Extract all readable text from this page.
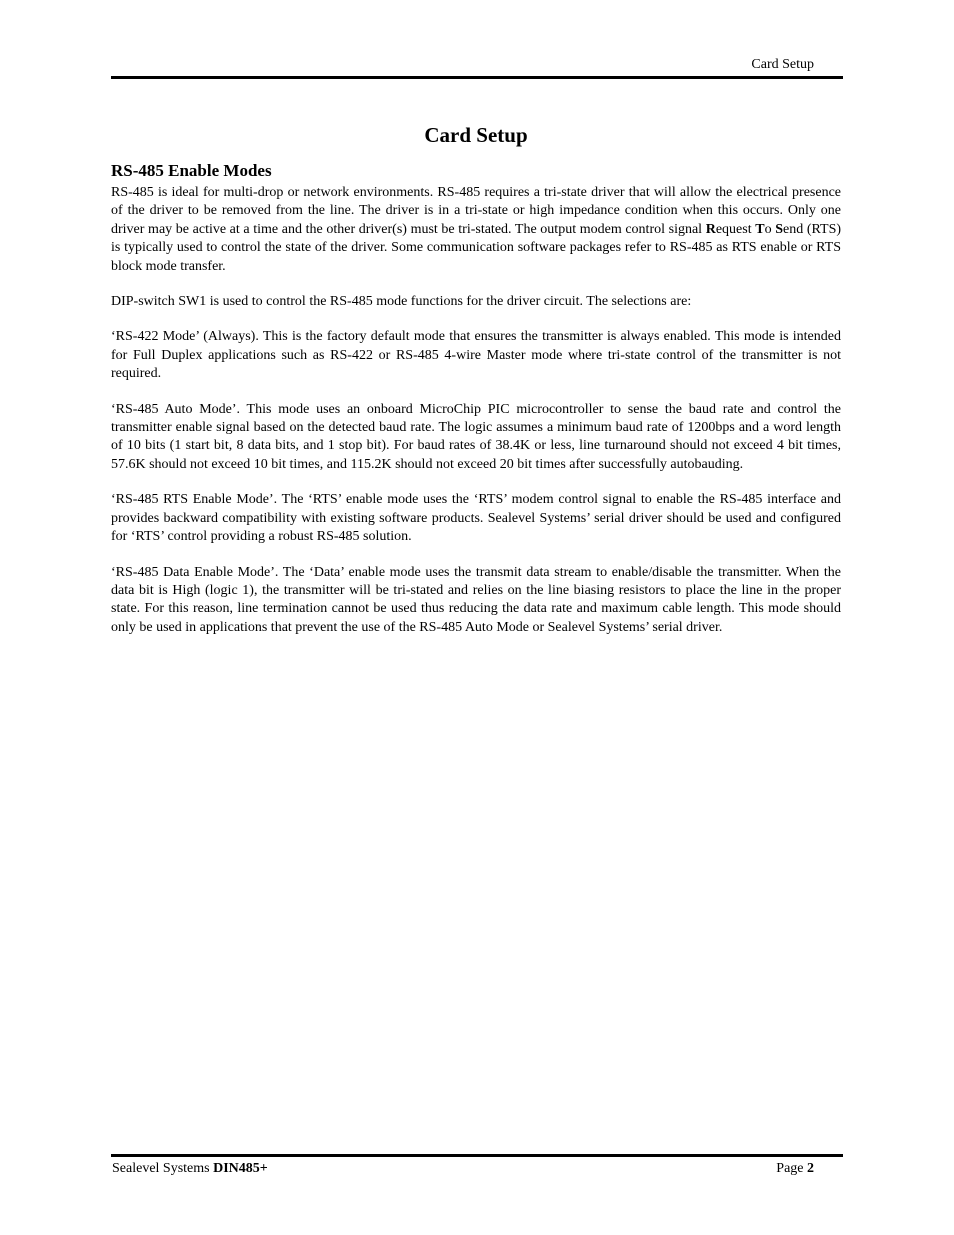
Card Setup
Card Setup
RS-485 Enable Modes

RS-485 is ideal for multi-drop or network environments. RS-485 requires a tri-state driver that will allow the electrical presence of the driver to be removed from the line. The driver is in a tri-state or high impedance condition when this occurs. Only one driver may be active at a time and the other driver(s) must be tri-stated. The output modem control signal Request To Send (RTS) is typically used to control the state of the driver. Some communication software packages refer to RS-485 as RTS enable or RTS block mode transfer.

DIP-switch SW1 is used to control the RS-485 mode functions for the driver circuit. The selections are:

‘RS-422 Mode’ (Always). This is the factory default mode that ensures the transmitter is always enabled. This mode is intended for Full Duplex applications such as RS-422 or RS-485 4-wire Master mode where tri-state control of the transmitter is not required.

‘RS-485 Auto Mode’. This mode uses an onboard MicroChip PIC microcontroller to sense the baud rate and control the transmitter enable signal based on the detected baud rate. The logic assumes a minimum baud rate of 1200bps and a word length of 10 bits (1 start bit, 8 data bits, and 1 stop bit). For baud rates of 38.4K or less, line turnaround should not exceed 4 bit times, 57.6K should not exceed 10 bit times, and 115.2K should not exceed 20 bit times after successfully autobauding.

‘RS-485 RTS Enable Mode’. The ‘RTS’ enable mode uses the ‘RTS’ modem control signal to enable the RS-485 interface and provides backward compatibility with existing software products. Sealevel Systems’ serial driver should be used and configured for ‘RTS’ control providing a robust RS-485 solution.

‘RS-485 Data Enable Mode’. The ‘Data’ enable mode uses the transmit data stream to enable/disable the transmitter. When the data bit is High (logic 1), the transmitter will be tri-stated and relies on the line biasing resistors to place the line in the proper state. For this reason, line termination cannot be used thus reducing the data rate and maximum cable length. This mode should only be used in applications that prevent the use of the RS-485 Auto Mode or Sealevel Systems’ serial driver.

Sealevel Systems DIN485+	Page 2
